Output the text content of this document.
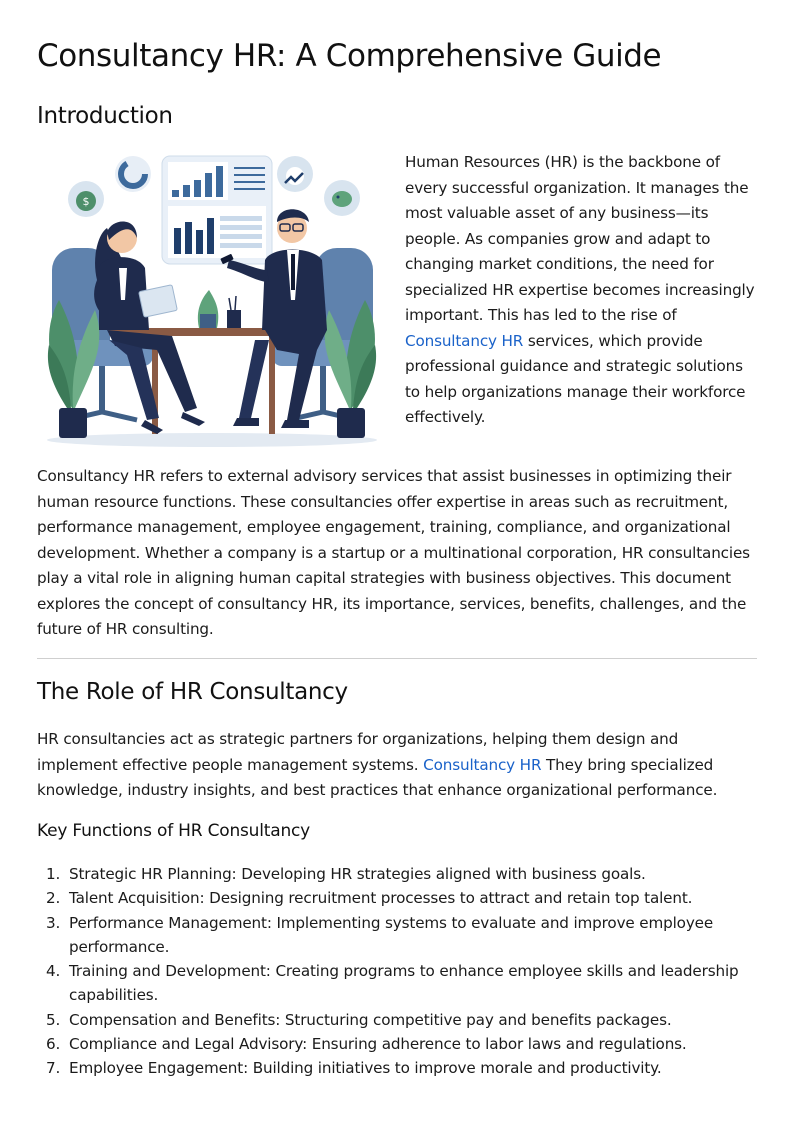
Consultancy HR: A Comprehensive Guide
Introduction
$

Human Resources (HR) is the backbone of every successful organization. It manages the most valuable asset of any business—its people. As companies grow and adapt to changing market conditions, the need for specialized HR expertise becomes increasingly important. This has led to the rise of Consultancy HR services, which provide professional guidance and strategic solutions to help organizations manage their workforce effectively.

Consultancy HR refers to external advisory services that assist businesses in optimizing their human resource functions. These consultancies offer expertise in areas such as recruitment, performance management, employee engagement, training, compliance, and organizational development. Whether a company is a startup or a multinational corporation, HR consultancies play a vital role in aligning human capital strategies with business objectives. This document explores the concept of consultancy HR, its importance, services, benefits, challenges, and the future of HR consulting.

The Role of HR Consultancy

HR consultancies act as strategic partners for organizations, helping them design and implement effective people management systems. Consultancy HR They bring specialized knowledge, industry insights, and best practices that enhance organizational performance.

Key Functions of HR Consultancy
1. Strategic HR Planning: Developing HR strategies aligned with business goals.
2. Talent Acquisition: Designing recruitment processes to attract and retain top talent.
3. Performance Management: Implementing systems to evaluate and improve employee performance.
4. Training and Development: Creating programs to enhance employee skills and leadership capabilities.
5. Compensation and Benefits: Structuring competitive pay and benefits packages.
6. Compliance and Legal Advisory: Ensuring adherence to labor laws and regulations.
7. Employee Engagement: Building initiatives to improve morale and productivity.
